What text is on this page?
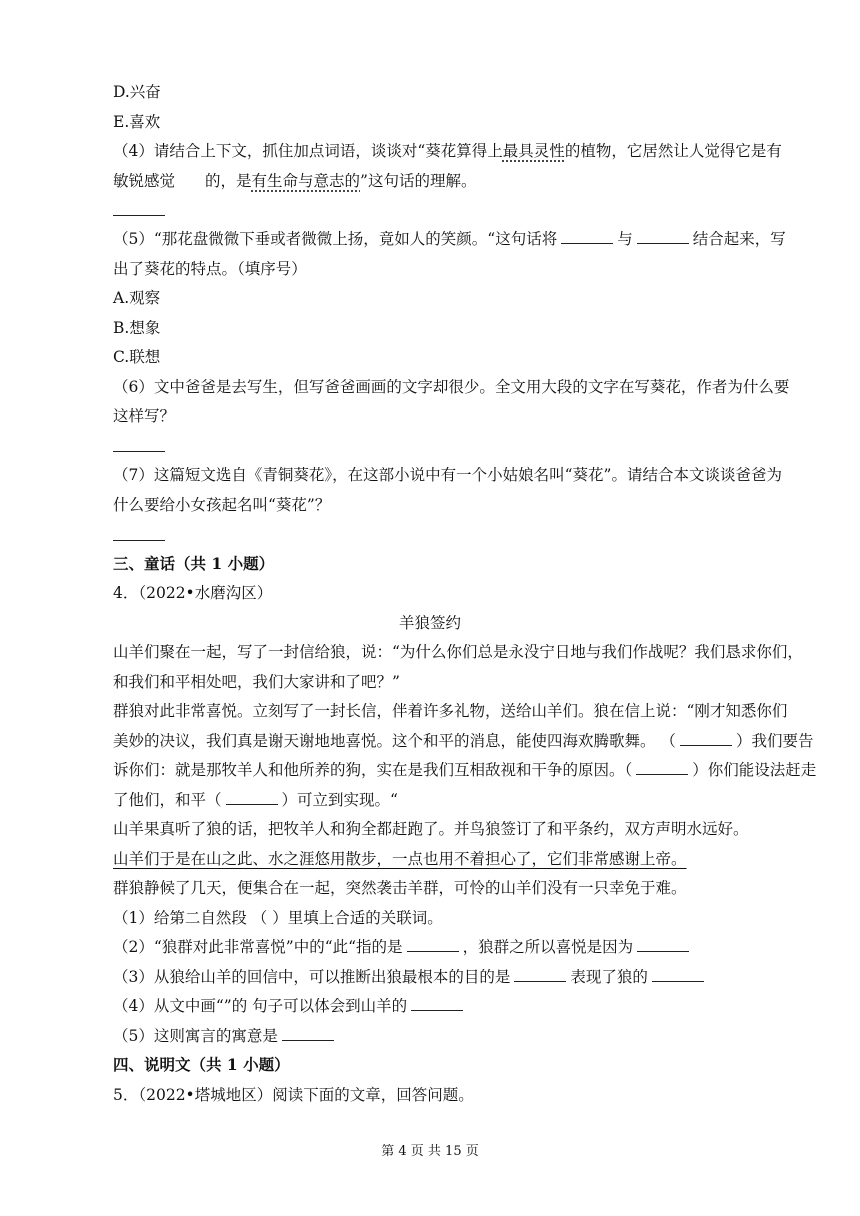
D.兴奋
E.喜欢
（4）请结合上下文，抓住加点词语，谈谈对“葵花算得上最具灵性的植物，它居然让人觉得它是有
敏锐感觉 的，是有生命与意志的”这句话的理解。
（5）“那花盘微微下垂或者微微上扬，竟如人的笑颜。“这句话将	与	结合起来，写
出了葵花的特点。（填序号）
A.观察
B.想象
C.联想
（6）文中爸爸是去写生，但写爸爸画画的文字却很少。全文用大段的文字在写葵花，作者为什么要
这样写？
（7）这篇短文选自《青铜葵花》，在这部小说中有一个小姑娘名叫“葵花”。请结合本文谈谈爸爸为
什么要给小女孩起名叫“葵花”？
三、童话（共 1 小题）
4．（2022•水磨沟区）
羊狼签约
山羊们聚在一起，写了一封信给狼，说：“为什么你们总是永没宁日地与我们作战呢？我们恳求你们，
和我们和平相处吧，我们大家讲和了吧？”
群狼对此非常喜悦。立刻写了一封长信，伴着许多礼物，送给山羊们。狼在信上说：“刚才知悉你们
美妙的决议，我们真是谢天谢地地喜悦。这个和平的消息，能使四海欢腾歌舞。 （	）我们要告
诉你们：就是那牧羊人和他所养的狗，实在是我们互相敌视和干争的原因。（	）你们能设法赶走
了他们，和平（	）可立到实现。“
山羊果真听了狼的话，把牧羊人和狗全都赶跑了。并鸟狼签订了和平条约，双方声明水远好。
山羊们于是在山之此、水之涯悠用散步，一点也用不着担心了，它们非常感谢上帝。
群狼静候了几天，便集合在一起，突然袭击羊群，可怜的山羊们没有一只幸免于难。
（1）给第二自然段 （ ）里填上合适的关联词。
（2）“狼群对此非常喜悦”中的“此“指的是	，狼群之所以喜悦是因为
（3）从狼给山羊的回信中，可以推断出狼最根本的目的是	表现了狼的
（4）从文中画“”的 句子可以体会到山羊的
（5）这则寓言的寓意是
四、说明文（共 1 小题）
5．（2022•塔城地区）阅读下面的文章，回答问题。
第 4 页 共 15 页
